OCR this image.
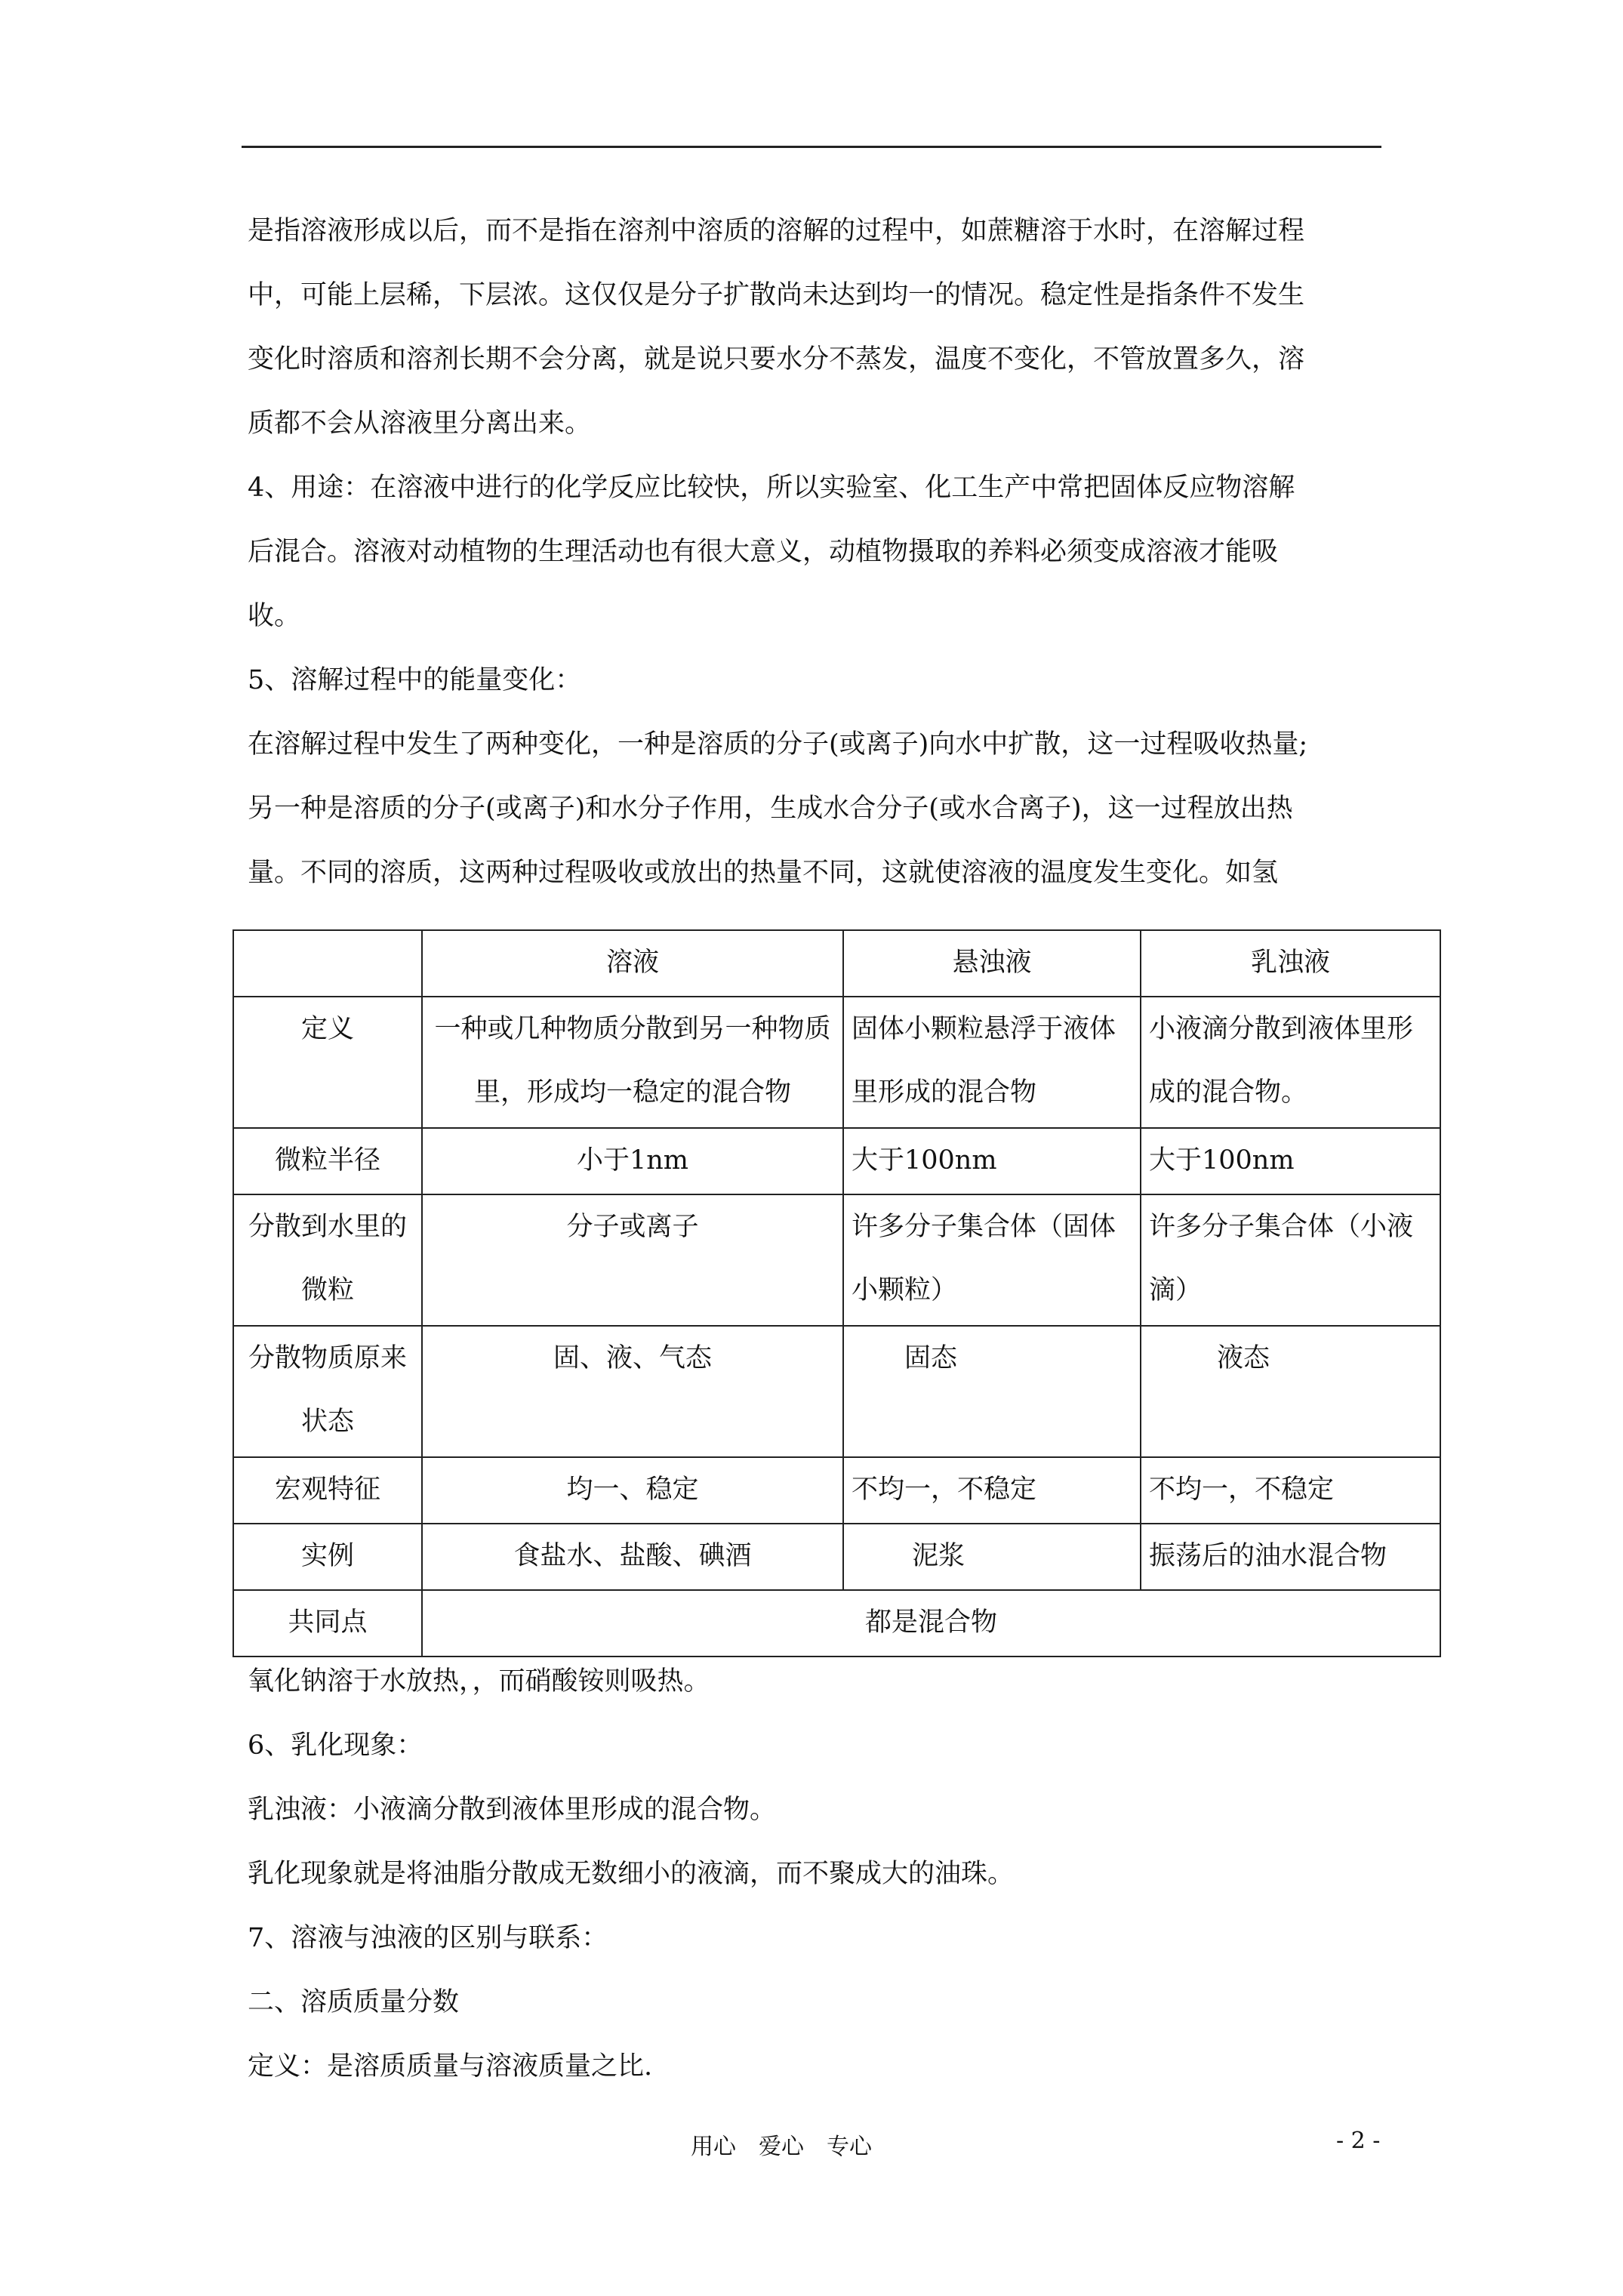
是指溶液形成以后，而不是指在溶剂中溶质的溶解的过程中，如蔗糖溶于水时，在溶解过程

中，可能上层稀，下层浓。这仅仅是分子扩散尚未达到均一的情况。稳定性是指条件不发生

变化时溶质和溶剂长期不会分离，就是说只要水分不蒸发，温度不变化，不管放置多久，溶

质都不会从溶液里分离出来。

4、用途：在溶液中进行的化学反应比较快，所以实验室、化工生产中常把固体反应物溶解

后混合。溶液对动植物的生理活动也有很大意义，动植物摄取的养料必须变成溶液才能吸

收。

5、溶解过程中的能量变化：

在溶解过程中发生了两种变化，一种是溶质的分子(或离子)向水中扩散，这一过程吸收热量;

另一种是溶质的分子(或离子)和水分子作用，生成水合分子(或水合离子)，这一过程放出热

量。不同的溶质，这两种过程吸收或放出的热量不同，这就使溶液的温度发生变化。如氢

	溶液	悬浊液	乳浊液
定义	一种或几种物质分散到另一种物质里，形成均一稳定的混合物	固体小颗粒悬浮于液体里形成的混合物	小液滴分散到液体里形成的混合物。
微粒半径	小于1nm	大于100nm	大于100nm
分散到水里的微粒	分子或离子	许多分子集合体（固体小颗粒）	许多分子集合体（小液滴）
分散物质原来状态	固、液、气态	固态	液态
宏观特征	均一、稳定	不均一，不稳定	不均一，不稳定
实例	食盐水、盐酸、碘酒	泥浆	振荡后的油水混合物
共同点	都是混合物		

氧化钠溶于水放热，，而硝酸铵则吸热。

6、乳化现象：

乳浊液：小液滴分散到液体里形成的混合物。

乳化现象就是将油脂分散成无数细小的液滴，而不聚成大的油珠。

7、溶液与浊液的区别与联系：

二、溶质质量分数

定义：是溶质质量与溶液质量之比.

用心　爱心　专心	- 2 -
